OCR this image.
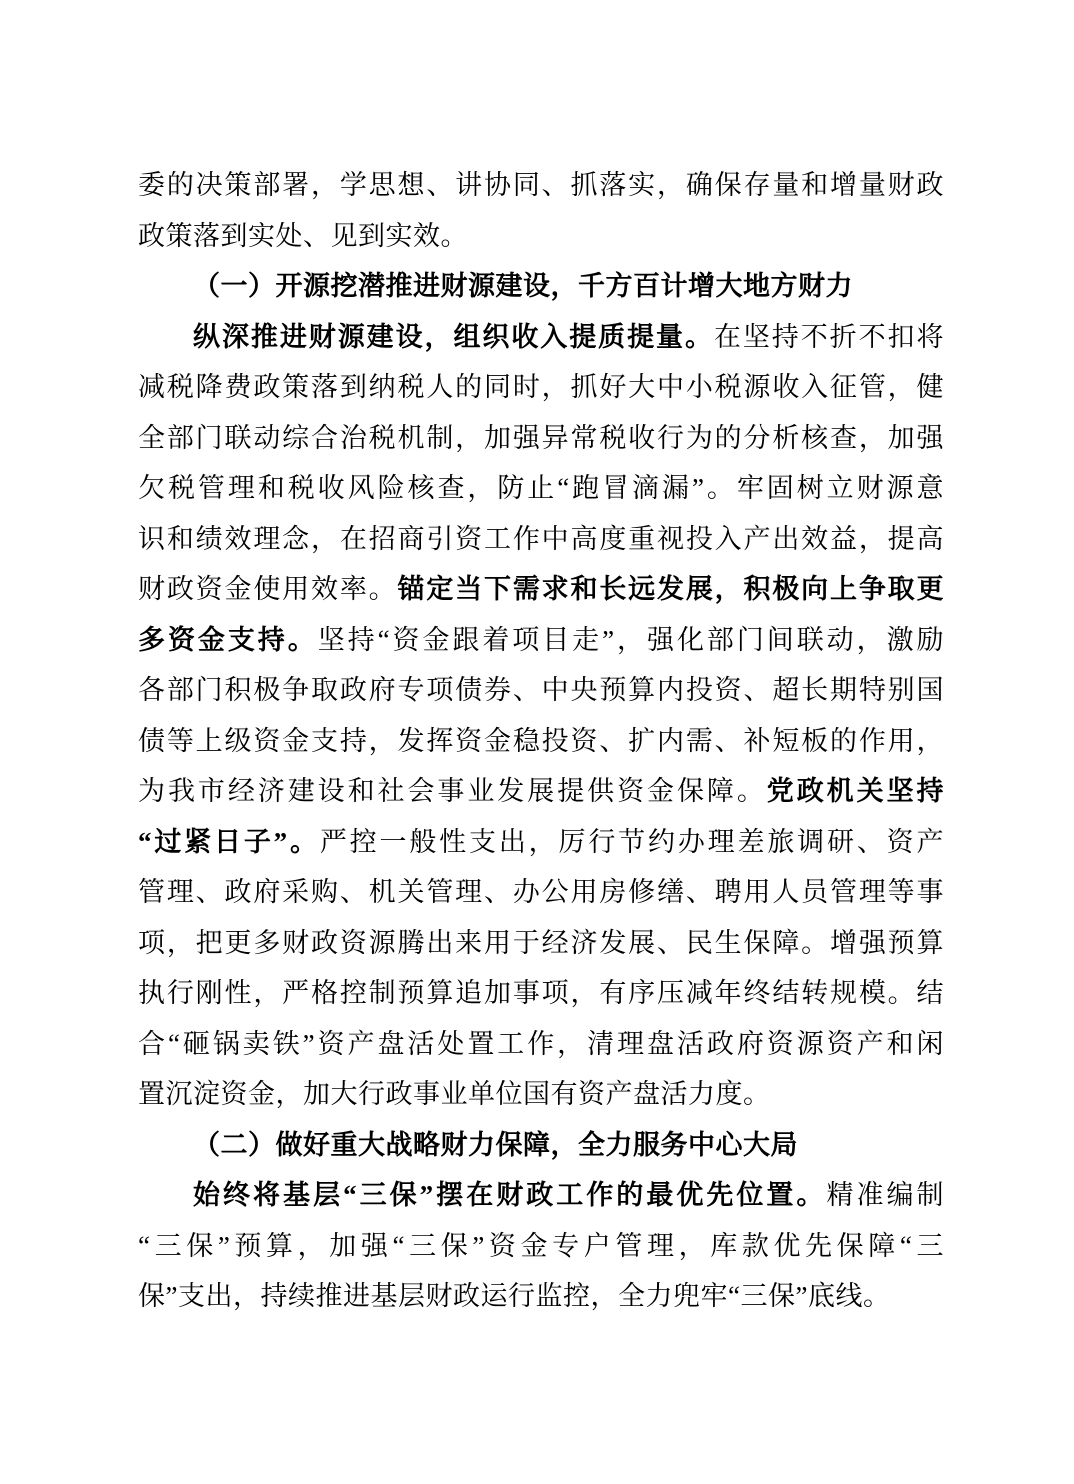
委的决策部署，学思想、讲协同、抓落实，确保存量和增量财政
政策落到实处、见到实效。
（一）开源挖潜推进财源建设，千方百计增大地方财力
纵深推进财源建设，组织收入提质提量。在坚持不折不扣将
减税降费政策落到纳税人的同时，抓好大中小税源收入征管，健
全部门联动综合治税机制，加强异常税收行为的分析核查，加强
欠税管理和税收风险核查，防止“跑冒滴漏”。牢固树立财源意
识和绩效理念，在招商引资工作中高度重视投入产出效益，提高
财政资金使用效率。锚定当下需求和长远发展，积极向上争取更
多资金支持。坚持“资金跟着项目走”，强化部门间联动，激励
各部门积极争取政府专项债券、中央预算内投资、超长期特别国
债等上级资金支持，发挥资金稳投资、扩内需、补短板的作用，
为我市经济建设和社会事业发展提供资金保障。党政机关坚持
“过紧日子”。严控一般性支出，厉行节约办理差旅调研、资产
管理、政府采购、机关管理、办公用房修缮、聘用人员管理等事
项，把更多财政资源腾出来用于经济发展、民生保障。增强预算
执行刚性，严格控制预算追加事项，有序压减年终结转规模。结
合“砸锅卖铁”资产盘活处置工作，清理盘活政府资源资产和闲
置沉淀资金，加大行政事业单位国有资产盘活力度。
（二）做好重大战略财力保障，全力服务中心大局
始终将基层“三保”摆在财政工作的最优先位置。精准编制
“三保”预算，加强“三保”资金专户管理，库款优先保障“三
保”支出，持续推进基层财政运行监控，全力兜牢“三保”底线。
